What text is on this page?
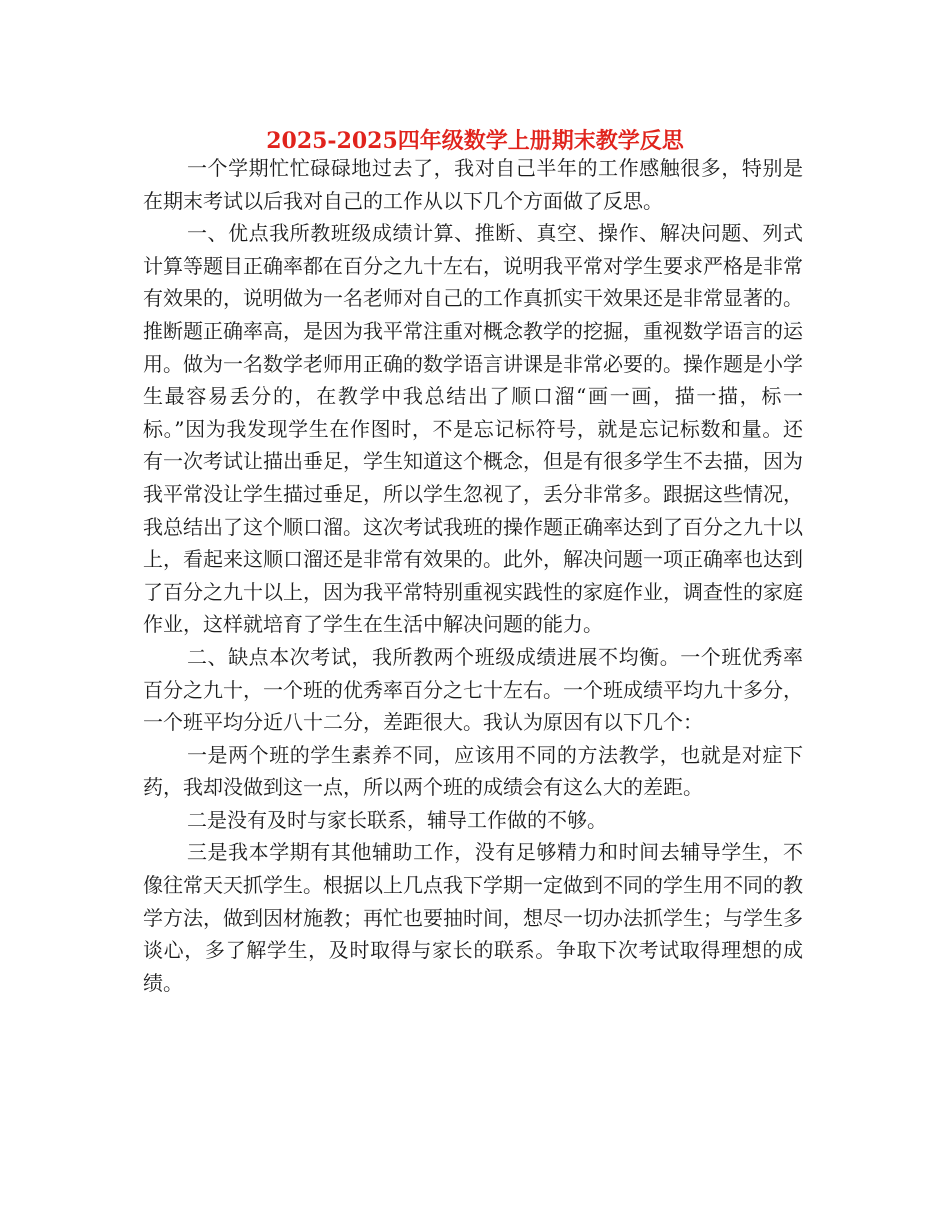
2025-2025四年级数学上册期末教学反思

一个学期忙忙碌碌地过去了，我对自己半年的工作感触很多，特别是在期末考试以后我对自己的工作从以下几个方面做了反思。

一、优点我所教班级成绩计算、推断、真空、操作、解决问题、列式计算等题目正确率都在百分之九十左右，说明我平常对学生要求严格是非常有效果的，说明做为一名老师对自己的工作真抓实干效果还是非常显著的。推断题正确率高，是因为我平常注重对概念教学的挖掘，重视数学语言的运用。做为一名数学老师用正确的数学语言讲课是非常必要的。操作题是小学生最容易丢分的，在教学中我总结出了顺口溜“画一画，描一描，标一标。”因为我发现学生在作图时，不是忘记标符号，就是忘记标数和量。还有一次考试让描出垂足，学生知道这个概念，但是有很多学生不去描，因为我平常没让学生描过垂足，所以学生忽视了，丢分非常多。跟据这些情况，我总结出了这个顺口溜。这次考试我班的操作题正确率达到了百分之九十以上，看起来这顺口溜还是非常有效果的。此外，解决问题一项正确率也达到了百分之九十以上，因为我平常特别重视实践性的家庭作业，调查性的家庭作业，这样就培育了学生在生活中解决问题的能力。

二、缺点本次考试，我所教两个班级成绩进展不均衡。一个班优秀率百分之九十，一个班的优秀率百分之七十左右。一个班成绩平均九十多分，一个班平均分近八十二分，差距很大。我认为原因有以下几个：

一是两个班的学生素养不同，应该用不同的方法教学，也就是对症下药，我却没做到这一点，所以两个班的成绩会有这么大的差距。

二是没有及时与家长联系，辅导工作做的不够。

三是我本学期有其他辅助工作，没有足够精力和时间去辅导学生，不像往常天天抓学生。根据以上几点我下学期一定做到不同的学生用不同的教学方法，做到因材施教；再忙也要抽时间，想尽一切办法抓学生；与学生多谈心，多了解学生，及时取得与家长的联系。争取下次考试取得理想的成绩。
